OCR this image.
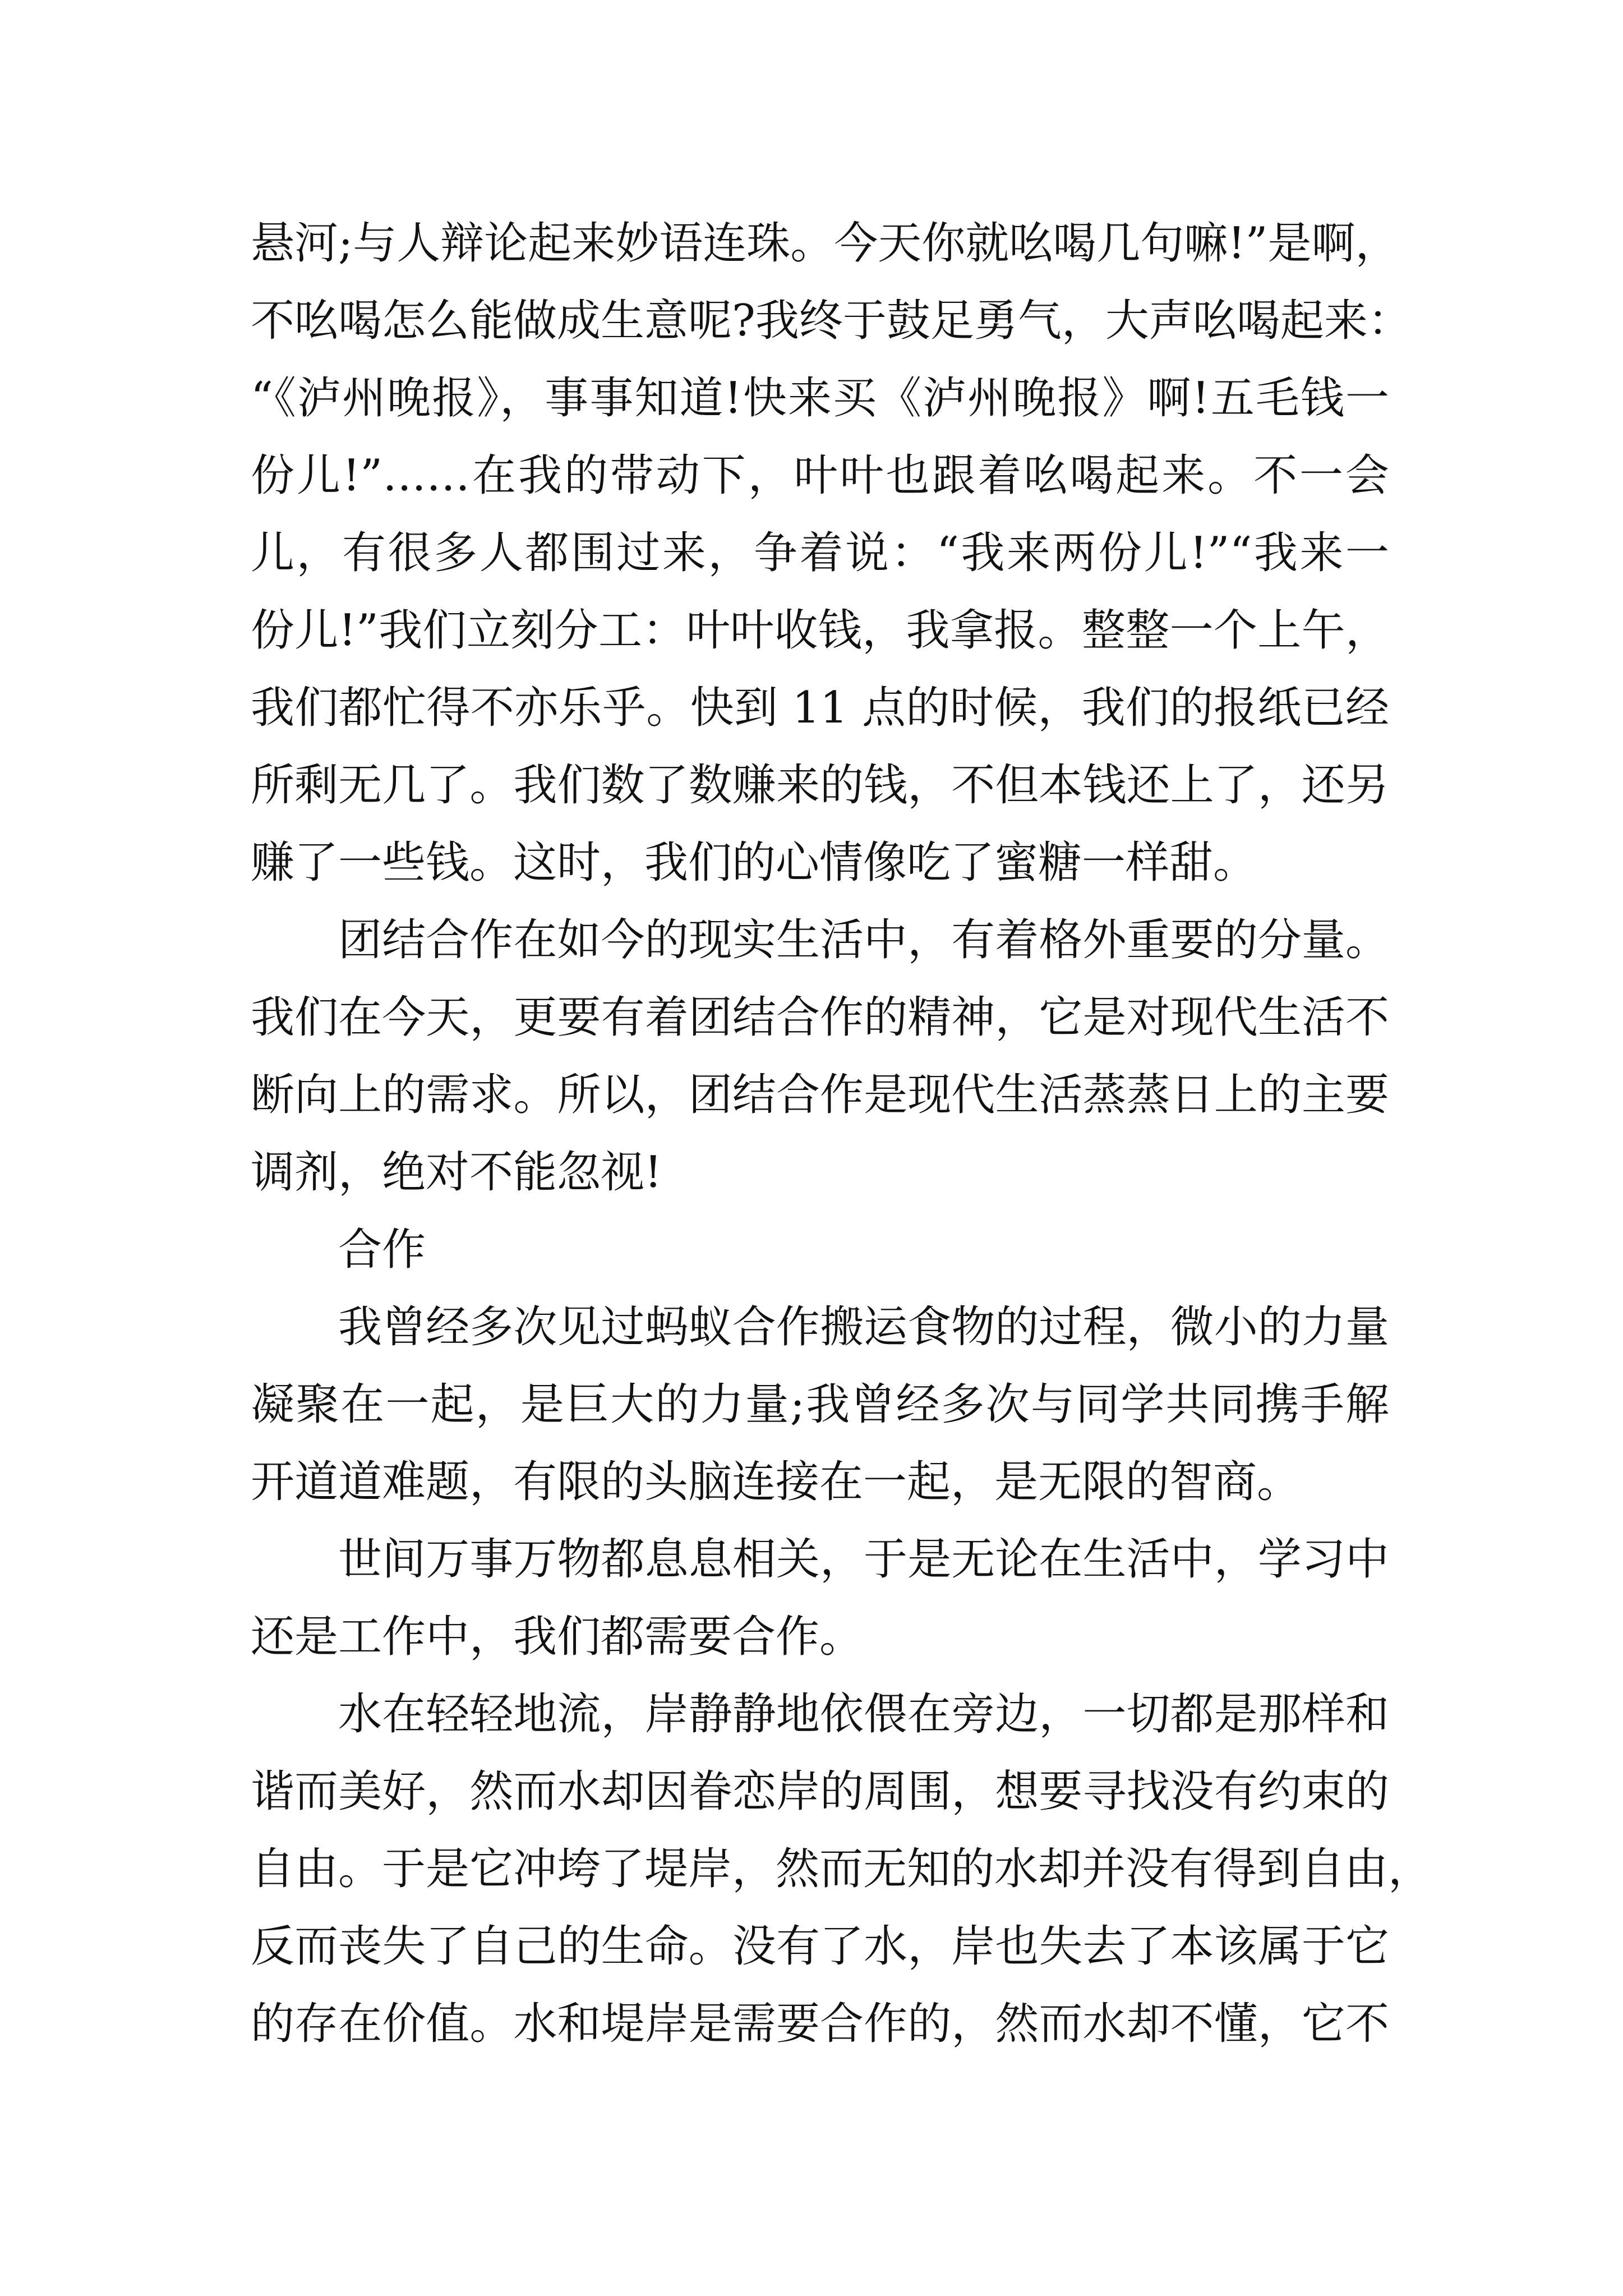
悬河;与人辩论起来妙语连珠。今天你就吆喝几句嘛!”是啊，
不吆喝怎么能做成生意呢?我终于鼓足勇气，大声吆喝起来：
“《泸州晚报》，事事知道!快来买《泸州晚报》啊!五毛钱一
份儿!”……在我的带动下，叶叶也跟着吆喝起来。不一会
儿，有很多人都围过来，争着说：“我来两份儿!”“我来一
份儿!”我们立刻分工：叶叶收钱，我拿报。整整一个上午，
我们都忙得不亦乐乎。快到 11 点的时候，我们的报纸已经
所剩无几了。我们数了数赚来的钱，不但本钱还上了，还另
赚了一些钱。这时，我们的心情像吃了蜜糖一样甜。
团结合作在如今的现实生活中，有着格外重要的分量。
我们在今天，更要有着团结合作的精神，它是对现代生活不
断向上的需求。所以，团结合作是现代生活蒸蒸日上的主要
调剂，绝对不能忽视!
合作
我曾经多次见过蚂蚁合作搬运食物的过程，微小的力量
凝聚在一起，是巨大的力量;我曾经多次与同学共同携手解
开道道难题，有限的头脑连接在一起，是无限的智商。
世间万事万物都息息相关，于是无论在生活中，学习中
还是工作中，我们都需要合作。
水在轻轻地流，岸静静地依偎在旁边，一切都是那样和
谐而美好，然而水却因眷恋岸的周围，想要寻找没有约束的
自由。于是它冲垮了堤岸，然而无知的水却并没有得到自由，
反而丧失了自己的生命。没有了水，岸也失去了本该属于它
的存在价值。水和堤岸是需要合作的，然而水却不懂，它不
